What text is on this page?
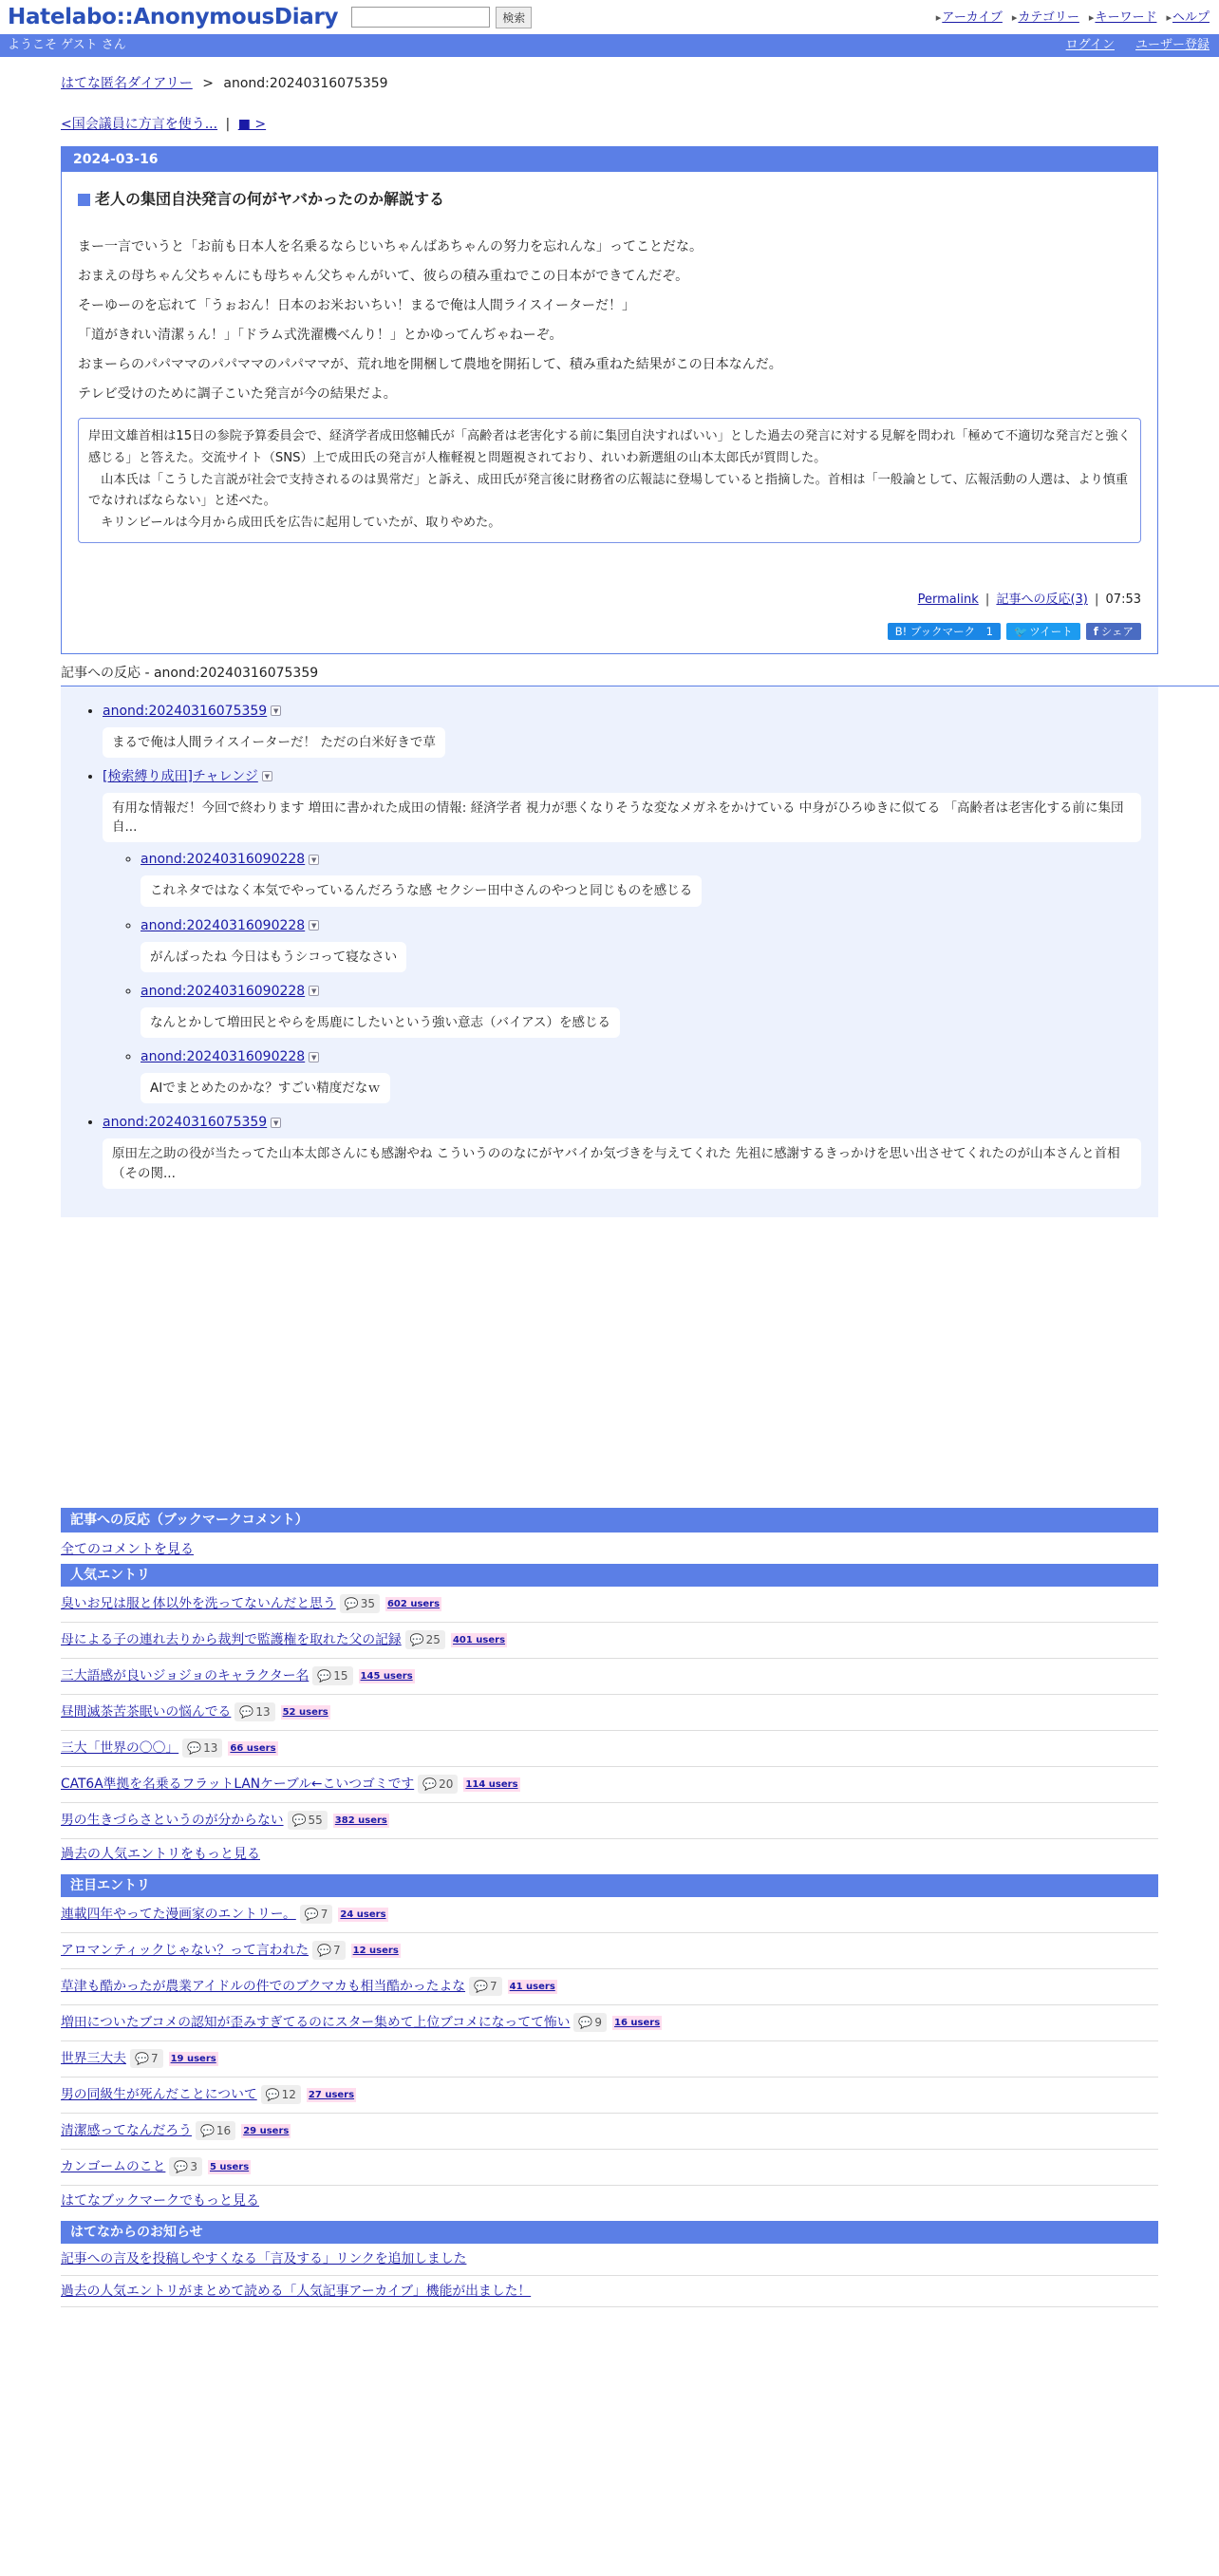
Hatelabo::AnonymousDiary	検索	▸ アーカイブ	▸ カテゴリー	▸ キーワード	▸ ヘルプ
ようこそ ゲスト さん	ログイン ユーザー登録
はてな匿名ダイアリー > anond:20240316075359
<国会議員に方言を使う... | ■ >
2024-03-16
老人の集団自決発言の何がヤバかったのか解説する

まー一言でいうと「お前も日本人を名乗るならじいちゃんばあちゃんの努力を忘れんな」ってことだな。

おまえの母ちゃん父ちゃんにも母ちゃん父ちゃんがいて、彼らの積み重ねでこの日本ができてんだぞ。

そーゆーのを忘れて「うぉおん！日本のお米おいちい！まるで俺は人間ライスイーターだ！」

「道がきれい清潔ぅん！」「ドラム式洗濯機べんり！」とかゆってんぢゃねーぞ。

おまーらのパパママのパパママのパパママが、荒れ地を開梱して農地を開拓して、積み重ねた結果がこの日本なんだ。

テレビ受けのために調子こいた発言が今の結果だよ。

岸田文雄首相は15日の参院予算委員会で、経済学者成田悠輔氏が「高齢者は老害化する前に集団自決すればいい」とした過去の発言に対する見解を問われ「極めて不適切な発言だと強く感じる」と答えた。交流サイト（SNS）上で成田氏の発言が人権軽視と問題視されており、れいわ新選組の山本太郎氏が質問した。
　山本氏は「こうした言説が社会で支持されるのは異常だ」と訴え、成田氏が発言後に財務省の広報誌に登場していると指摘した。首相は「一般論として、広報活動の人選は、より慎重でなければならない」と述べた。
　キリンビールは今月から成田氏を広告に起用していたが、取りやめた。
Permalink | 記事への反応(3) | 07:53
B! ブックマーク　1	🐦 ツイート	f シェア
記事への反応 - anond:20240316075359
• anond:20240316075359 ▼
まるで俺は人間ライスイーターだ！ ただの白米好きで草
• [検索縛り成田]チャレンジ ▼
有用な情報だ！今回で終わります 増田に書かれた成田の情報: 経済学者 視力が悪くなりそうな変なメガネをかけている 中身がひろゆきに似てる 「高齢者は老害化する前に集団自...
◦ anond:20240316090228 ▼
これネタではなく本気でやっているんだろうな感 セクシー田中さんのやつと同じものを感じる
◦ anond:20240316090228 ▼
がんばったね 今日はもうシコって寝なさい
◦ anond:20240316090228 ▼
なんとかして増田民とやらを馬鹿にしたいという強い意志（バイアス）を感じる
◦ anond:20240316090228 ▼
AIでまとめたのかな？すごい精度だなｗ
• anond:20240316075359 ▼
原田左之助の役が当たってた山本太郎さんにも感謝やね こういうののなにがヤバイか気づきを与えてくれた 先祖に感謝するきっかけを思い出させてくれたのが山本さんと首相（その関...
記事への反応（ブックマークコメント）
全てのコメントを見る
人気エントリ
臭いお兄は服と体以外を洗ってないんだと思う 💬 35 602 users
母による子の連れ去りから裁判で監護権を取れた父の記録 💬 25 401 users
三大語感が良いジョジョのキャラクター名 💬 15 145 users
昼間滅茶苦茶眠いの悩んでる 💬 13 52 users
三大「世界の〇〇」 💬 13 66 users
CAT6A準拠を名乗るフラットLANケーブル←こいつゴミです 💬 20 114 users
男の生きづらさというのが分からない 💬 55 382 users
過去の人気エントリをもっと見る
注目エントリ
連載四年やってた漫画家のエントリー。 💬 7 24 users
アロマンティックじゃない？って言われた 💬 7 12 users
草津も酷かったが農業アイドルの件でのブクマカも相当酷かったよな 💬 7 41 users
増田についたブコメの認知が歪みすぎてるのにスター集めて上位ブコメになってて怖い 💬 9 16 users
世界三大夫 💬 7 19 users
男の同級生が死んだことについて 💬 12 27 users
清潔感ってなんだろう 💬 16 29 users
カンゴームのこと 💬 3 5 users
はてなブックマークでもっと見る
はてなからのお知らせ
記事への言及を投稿しやすくなる「言及する」リンクを追加しました
過去の人気エントリがまとめて読める「人気記事アーカイブ」機能が出ました！
